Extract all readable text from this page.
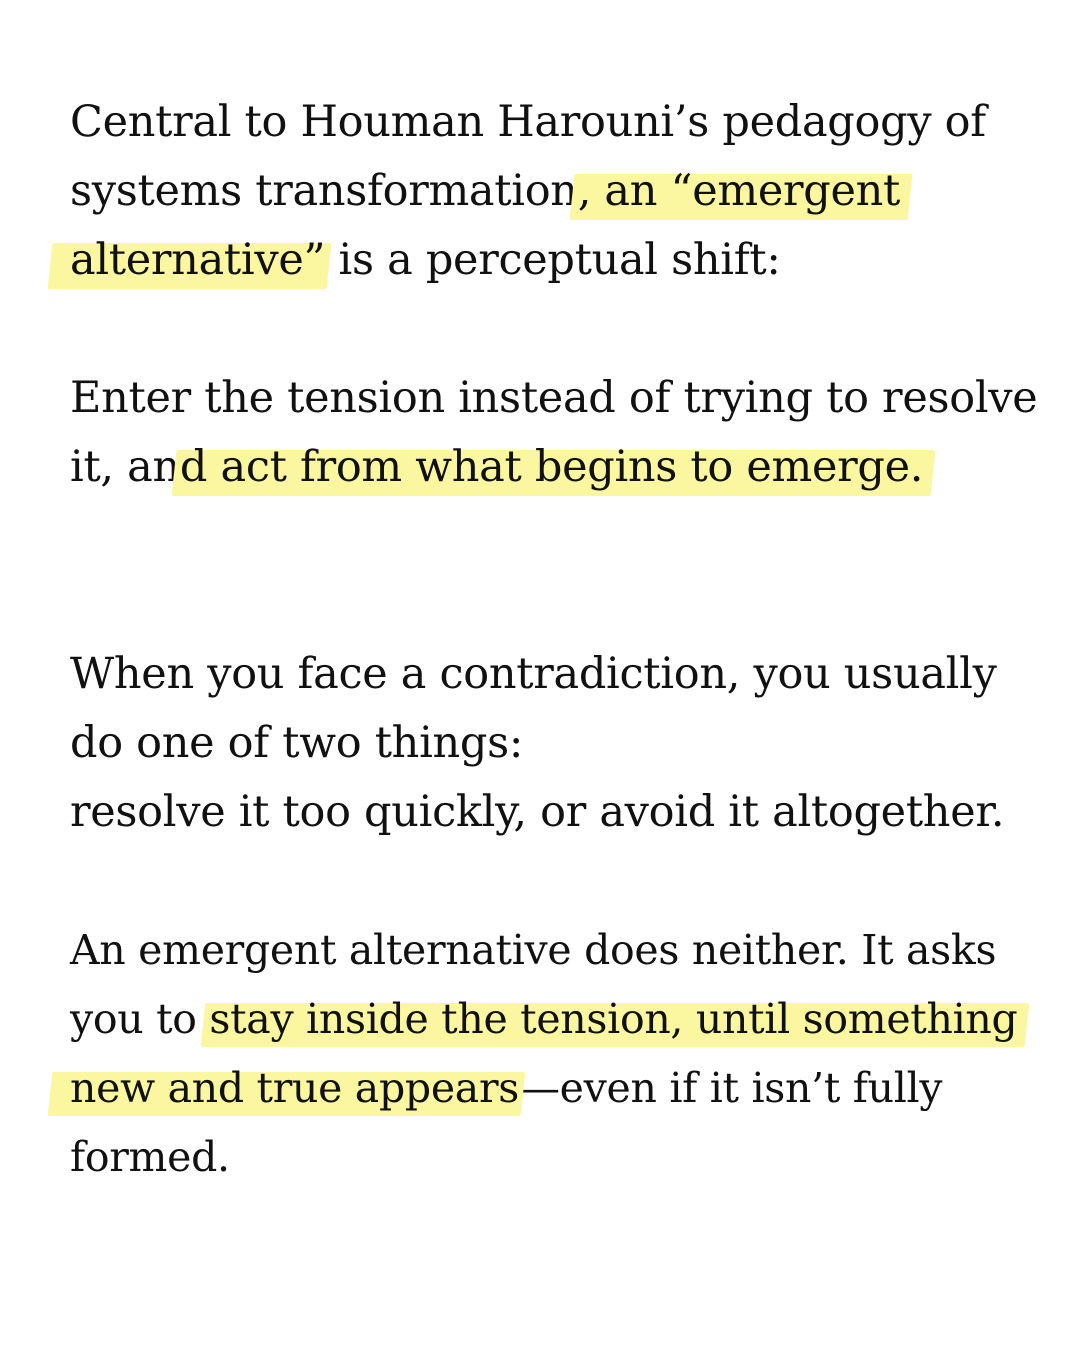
Central to Houman Harouni’s pedagogy of
systems transformation, an “emergent
alternative” is a perceptual shift:

Enter the tension instead of trying to resolve
it, and act from what begins to emerge.

When you face a contradiction, you usually
do one of two things:
resolve it too quickly, or avoid it altogether.

An emergent alternative does neither. It asks
you to stay inside the tension, until something
new and true appears—even if it isn’t fully
formed.
